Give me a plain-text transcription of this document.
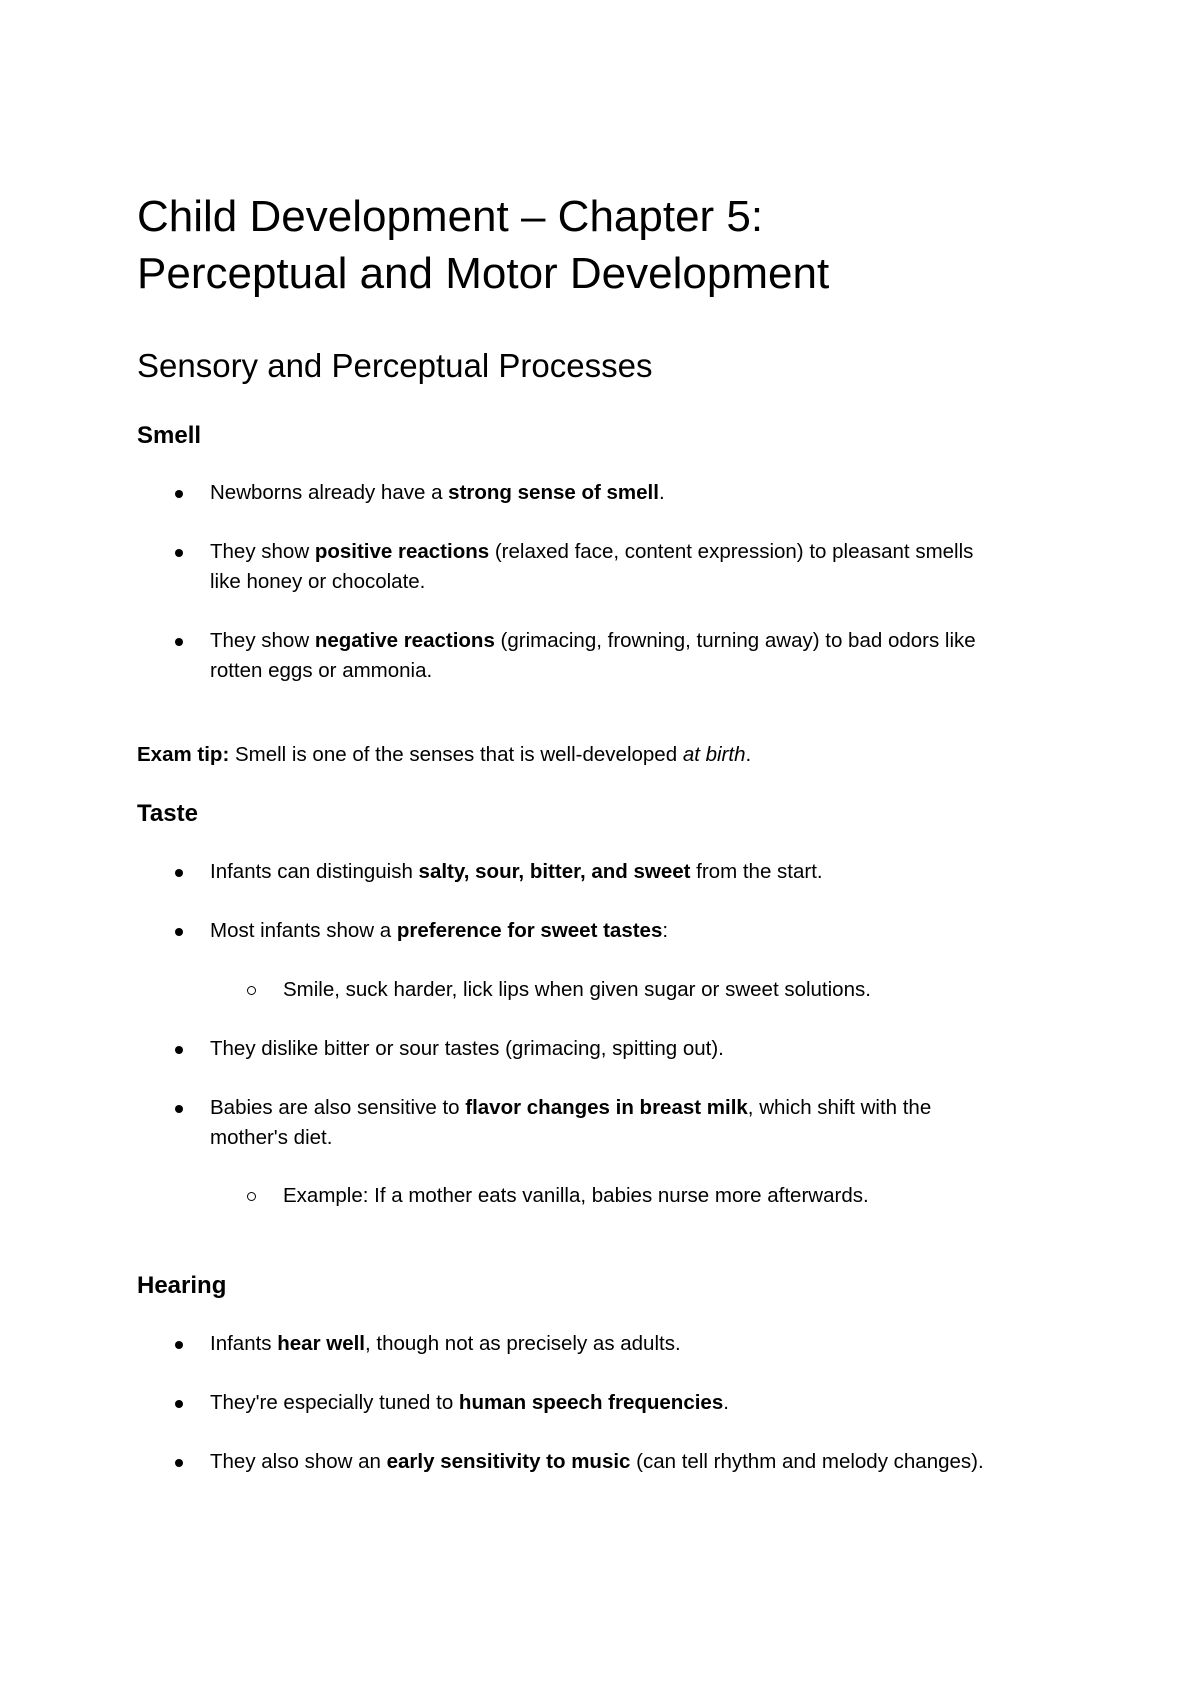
Child Development – Chapter 5:
Perceptual and Motor Development
Sensory and Perceptual Processes
Smell
Newborns already have a strong sense of smell.
They show positive reactions (relaxed face, content expression) to pleasant smells
like honey or chocolate.
They show negative reactions (grimacing, frowning, turning away) to bad odors like
rotten eggs or ammonia.
Exam tip: Smell is one of the senses that is well-developed at birth.
Taste
Infants can distinguish salty, sour, bitter, and sweet from the start.
Most infants show a preference for sweet tastes:
Smile, suck harder, lick lips when given sugar or sweet solutions.
They dislike bitter or sour tastes (grimacing, spitting out).
Babies are also sensitive to flavor changes in breast milk, which shift with the
mother's diet.
Example: If a mother eats vanilla, babies nurse more afterwards.
Hearing
Infants hear well, though not as precisely as adults.
They're especially tuned to human speech frequencies.
They also show an early sensitivity to music (can tell rhythm and melody changes).
